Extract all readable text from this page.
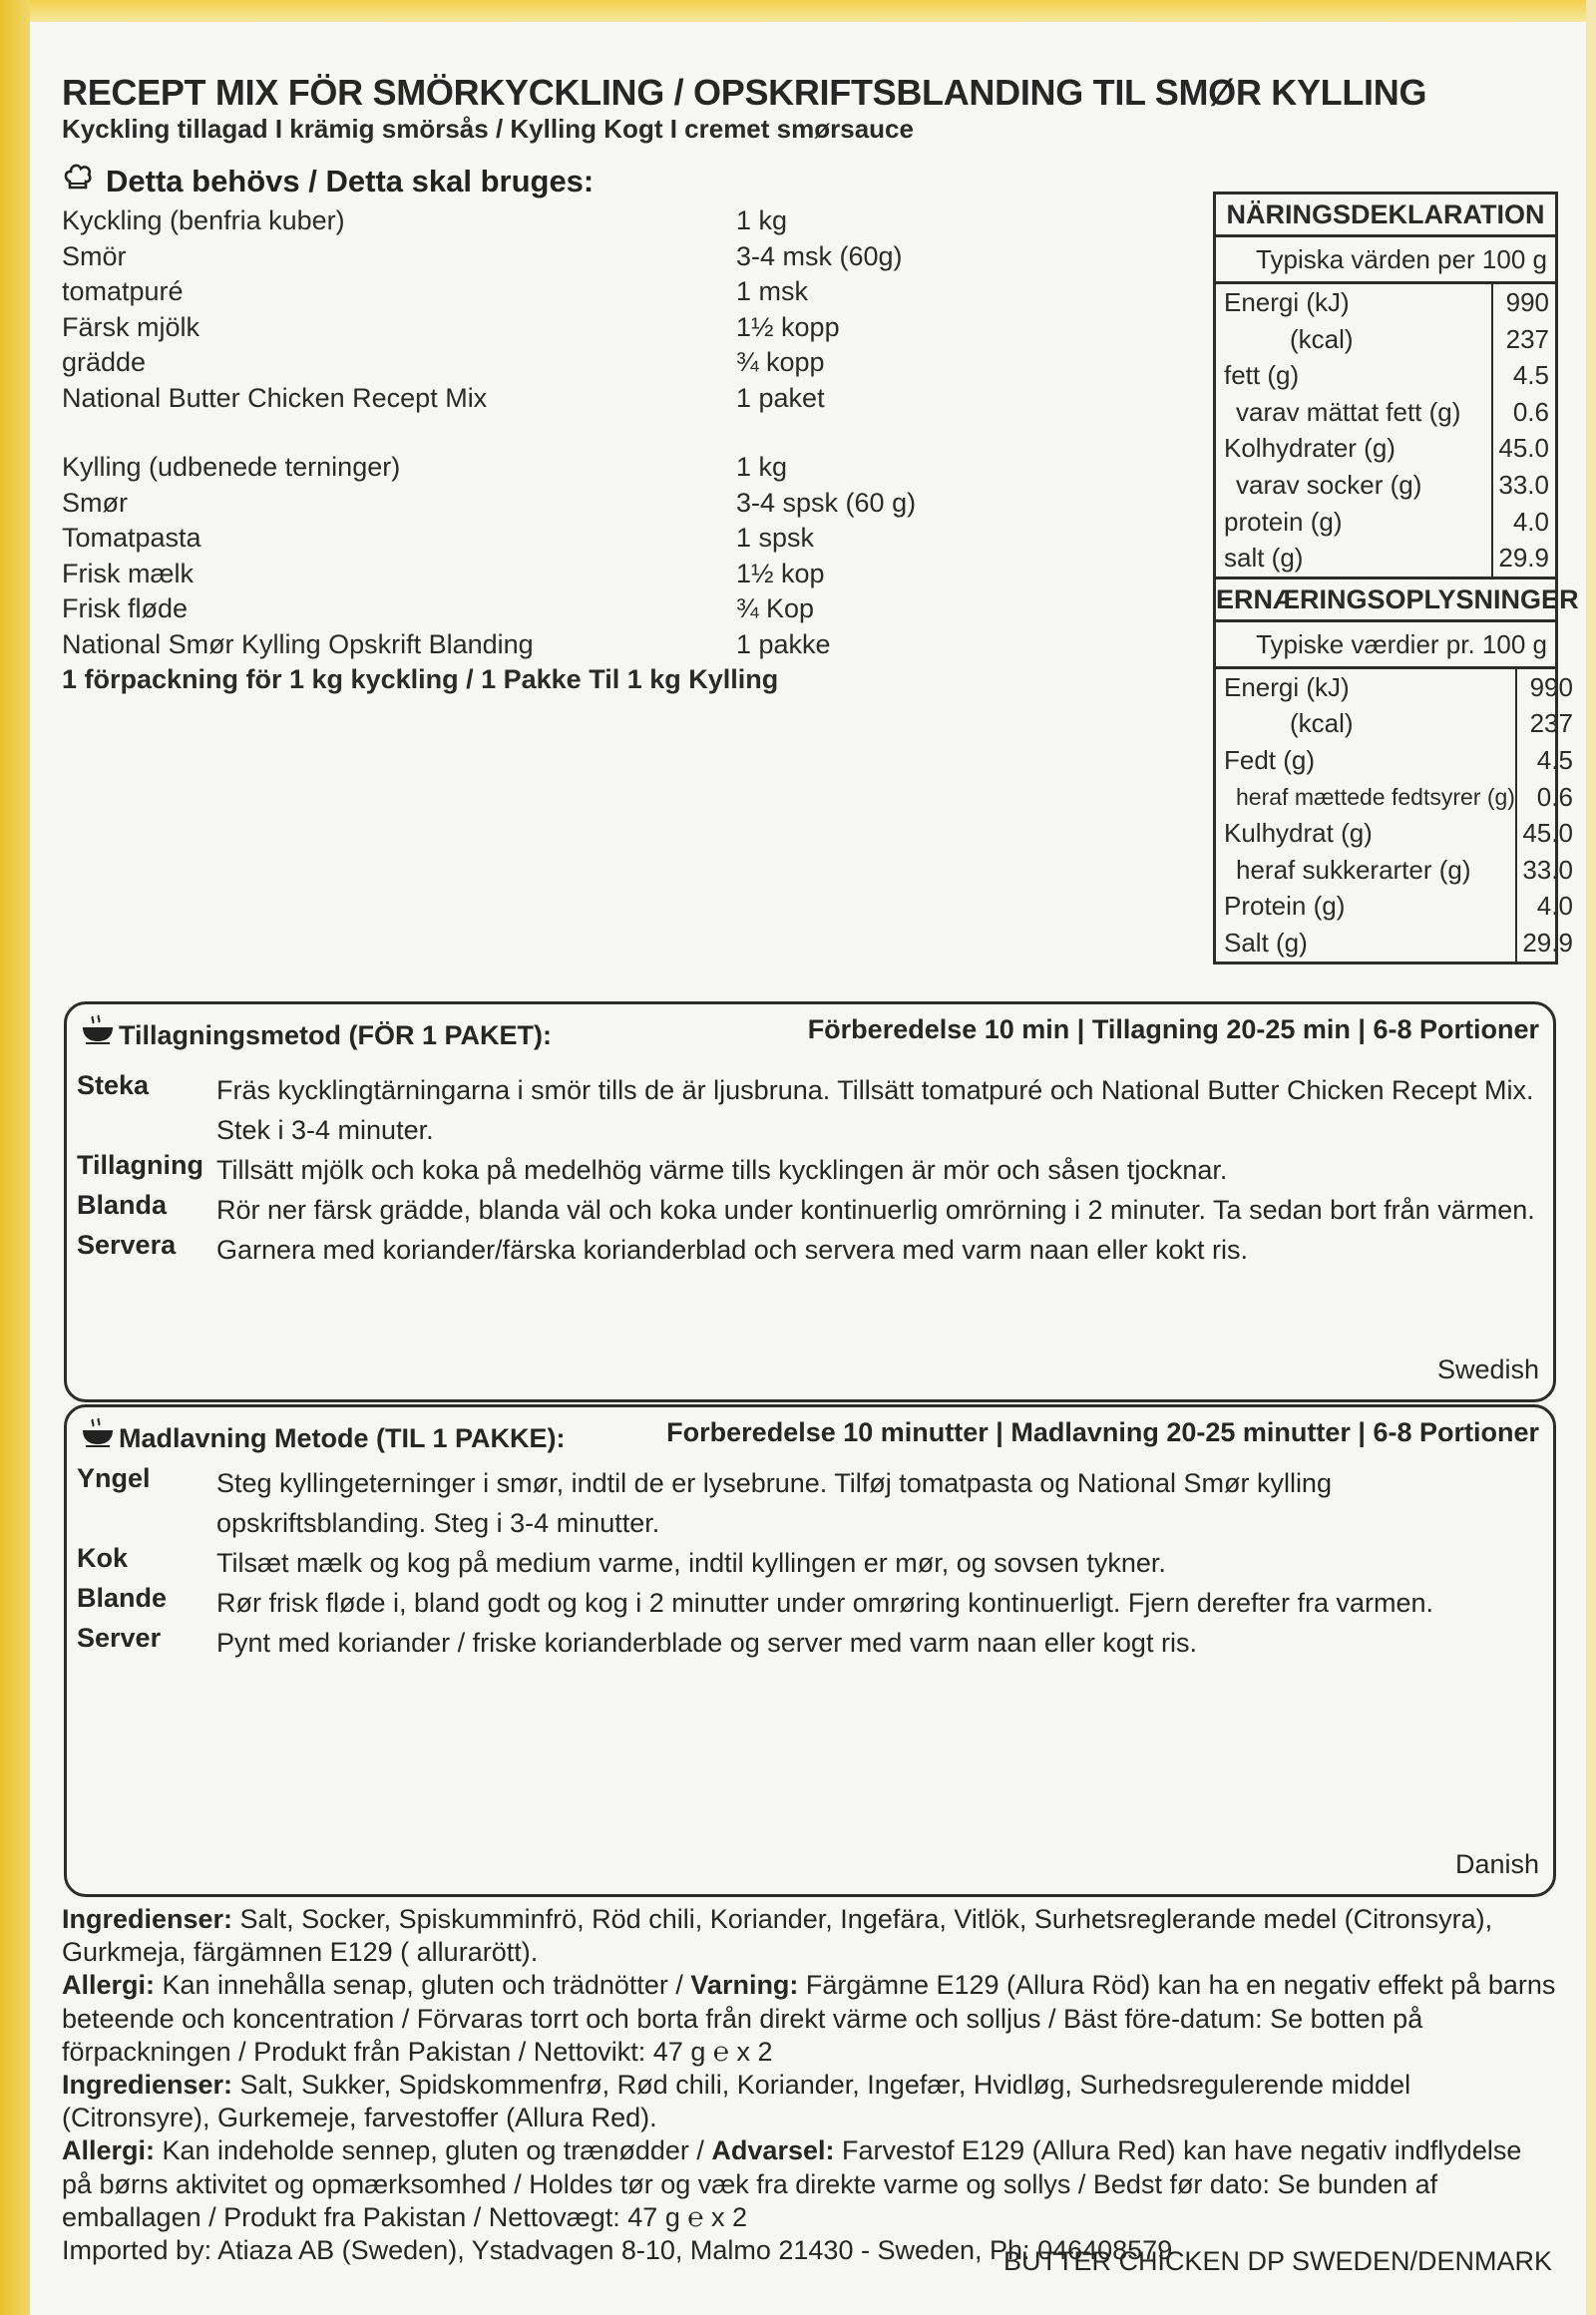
RECEPT MIX FÖR SMÖRKYCKLING / OPSKRIFTSBLANDING TIL SMØR KYLLING
Kyckling tillagad I krämig smörsås / Kylling Kogt I cremet smørsauce
Detta behövs / Detta skal bruges:
Kyckling (benfria kuber)	1 kg
Smör	3-4 msk (60g)
tomatpuré	1 msk
Färsk mjölk	1½ kopp
grädde	¾ kopp
National Butter Chicken Recept Mix	1 paket
Kylling (udbenede terninger)	1 kg
Smør	3-4 spsk (60 g)
Tomatpasta	1 spsk
Frisk mælk	1½ kop
Frisk fløde	¾ Kop
National Smør Kylling Opskrift Blanding	1 pakke
1 förpackning för 1 kg kyckling / 1 Pakke Til 1 kg Kylling
NÄRINGSDEKLARATION
Typiska värden per 100 g
Energi (kJ)	990
(kcal)	237
fett (g)	4.5
varav mättat fett (g)	0.6
Kolhydrater (g)	45.0
varav socker (g)	33.0
protein (g)	4.0
salt (g)	29.9
ERNÆRINGSOPLYSNINGER
Typiske værdier pr. 100 g
Energi (kJ)	990
(kcal)	237
Fedt (g)	4.5
heraf mættede fedtsyrer (g) 0.6
Kulhydrat (g)	45.0
heraf sukkerarter (g)	33.0
Protein (g)	4.0
Salt (g)	29.9
Tillagningsmetod (FÖR 1 PAKET):	Förberedelse 10 min | Tillagning 20-25 min | 6-8 Portioner
Steka	Fräs kycklingtärningarna i smör tills de är ljusbruna. Tillsätt tomatpuré och National Butter Chicken Recept Mix. Stek i 3-4 minuter.
Tillagning Tillsätt mjölk och koka på medelhög värme tills kycklingen är mör och såsen tjocknar.
Blanda	Rör ner färsk grädde, blanda väl och koka under kontinuerlig omrörning i 2 minuter. Ta sedan bort från värmen.
Servera	Garnera med koriander/färska korianderblad och servera med varm naan eller kokt ris.
Swedish
Madlavning Metode (TIL 1 PAKKE):	Forberedelse 10 minutter | Madlavning 20-25 minutter | 6-8 Portioner
Yngel	Steg kyllingeterninger i smør, indtil de er lysebrune. Tilføj tomatpasta og National Smør kylling opskriftsblanding. Steg i 3-4 minutter.
Kok	Tilsæt mælk og kog på medium varme, indtil kyllingen er mør, og sovsen tykner.
Blande	Rør frisk fløde i, bland godt og kog i 2 minutter under omrøring kontinuerligt. Fjern derefter fra varmen.
Server	Pynt med koriander / friske korianderblade og server med varm naan eller kogt ris.
Danish

Ingredienser: Salt, Socker, Spiskumminfrö, Röd chili, Koriander, Ingefära, Vitlök, Surhetsreglerande medel (Citronsyra), Gurkmeja, färgämnen E129 ( allurarött).

Allergi: Kan innehålla senap, gluten och trädnötter / Varning: Färgämne E129 (Allura Röd) kan ha en negativ effekt på barns beteende och koncentration / Förvaras torrt och borta från direkt värme och solljus / Bäst före-datum: Se botten på förpackningen / Produkt från Pakistan / Nettovikt: 47 g ℮ x 2

Ingredienser: Salt, Sukker, Spidskommenfrø, Rød chili, Koriander, Ingefær, Hvidløg, Surhedsregulerende middel (Citronsyre), Gurkemeje, farvestoffer (Allura Red).

Allergi: Kan indeholde sennep, gluten og trænødder / Advarsel: Farvestof E129 (Allura Red) kan have negativ indflydelse på børns aktivitet og opmærksomhed / Holdes tør og væk fra direkte varme og sollys / Bedst før dato: Se bunden af emballagen / Produkt fra Pakistan / Nettovægt: 47 g ℮ x 2

Imported by: Atiaza AB (Sweden), Ystadvagen 8-10, Malmo 21430 - Sweden, Ph: 046408579

BUTTER CHICKEN DP SWEDEN/DENMARK
